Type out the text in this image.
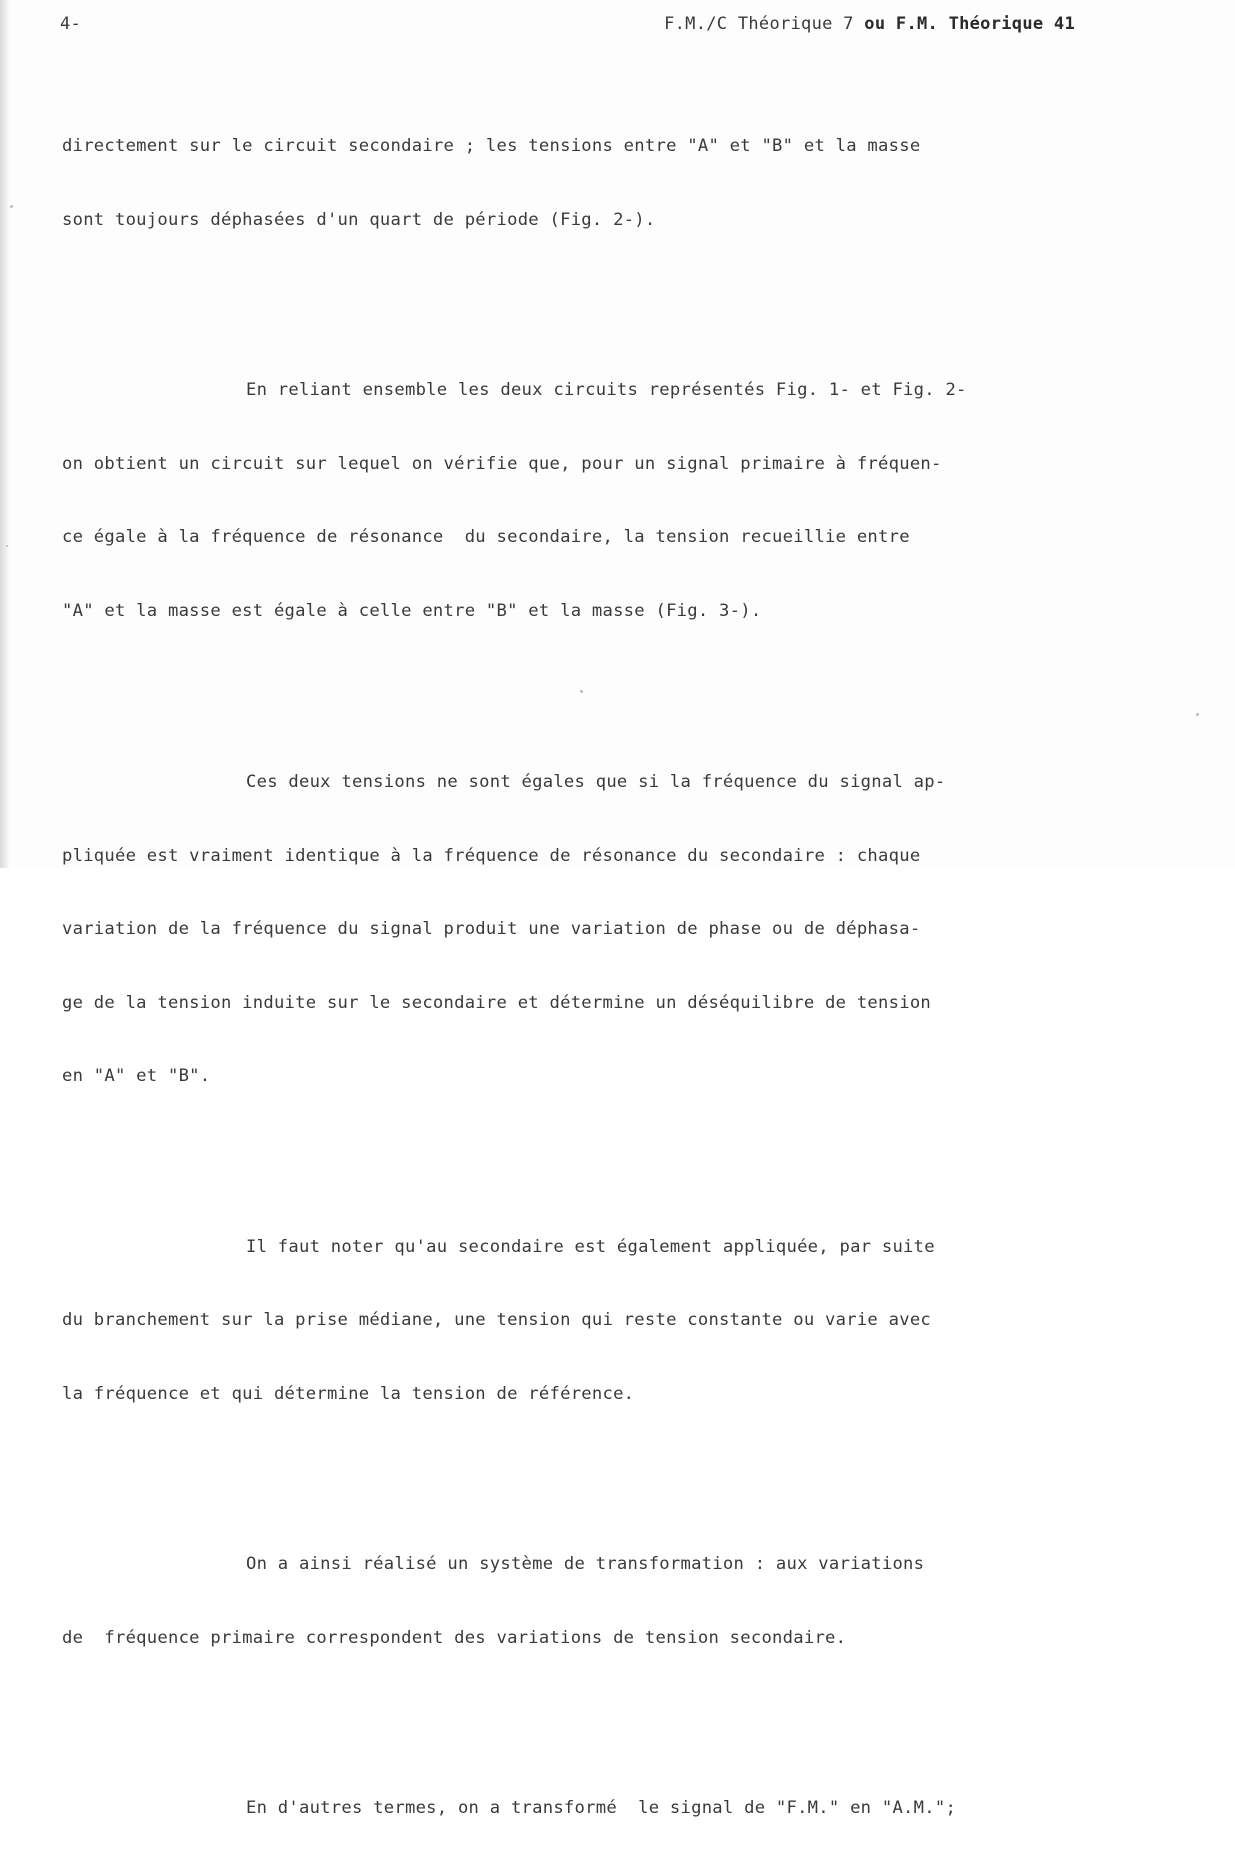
4-	F.M./C Théorique 7 ou F.M. Théorique 41

directement sur le circuit secondaire ; les tensions entre "A" et "B" et la masse

sont toujours déphasées d'un quart de période (Fig. 2-).

En reliant ensemble les deux circuits représentés Fig. 1- et Fig. 2-

on obtient un circuit sur lequel on vérifie que, pour un signal primaire à fréquen-

ce égale à la fréquence de résonance  du secondaire, la tension recueillie entre

"A" et la masse est égale à celle entre "B" et la masse (Fig. 3-).

Ces deux tensions ne sont égales que si la fréquence du signal ap-

pliquée est vraiment identique à la fréquence de résonance du secondaire : chaque

variation de la fréquence du signal produit une variation de phase ou de déphasa-

ge de la tension induite sur le secondaire et détermine un déséquilibre de tension

en "A" et "B".

Il faut noter qu'au secondaire est également appliquée, par suite

du branchement sur la prise médiane, une tension qui reste constante ou varie avec

la fréquence et qui détermine la tension de référence.

On a ainsi réalisé un système de transformation : aux variations

de  fréquence primaire correspondent des variations de tension secondaire.

En d'autres termes, on a transformé  le signal de "F.M." en "A.M.";
